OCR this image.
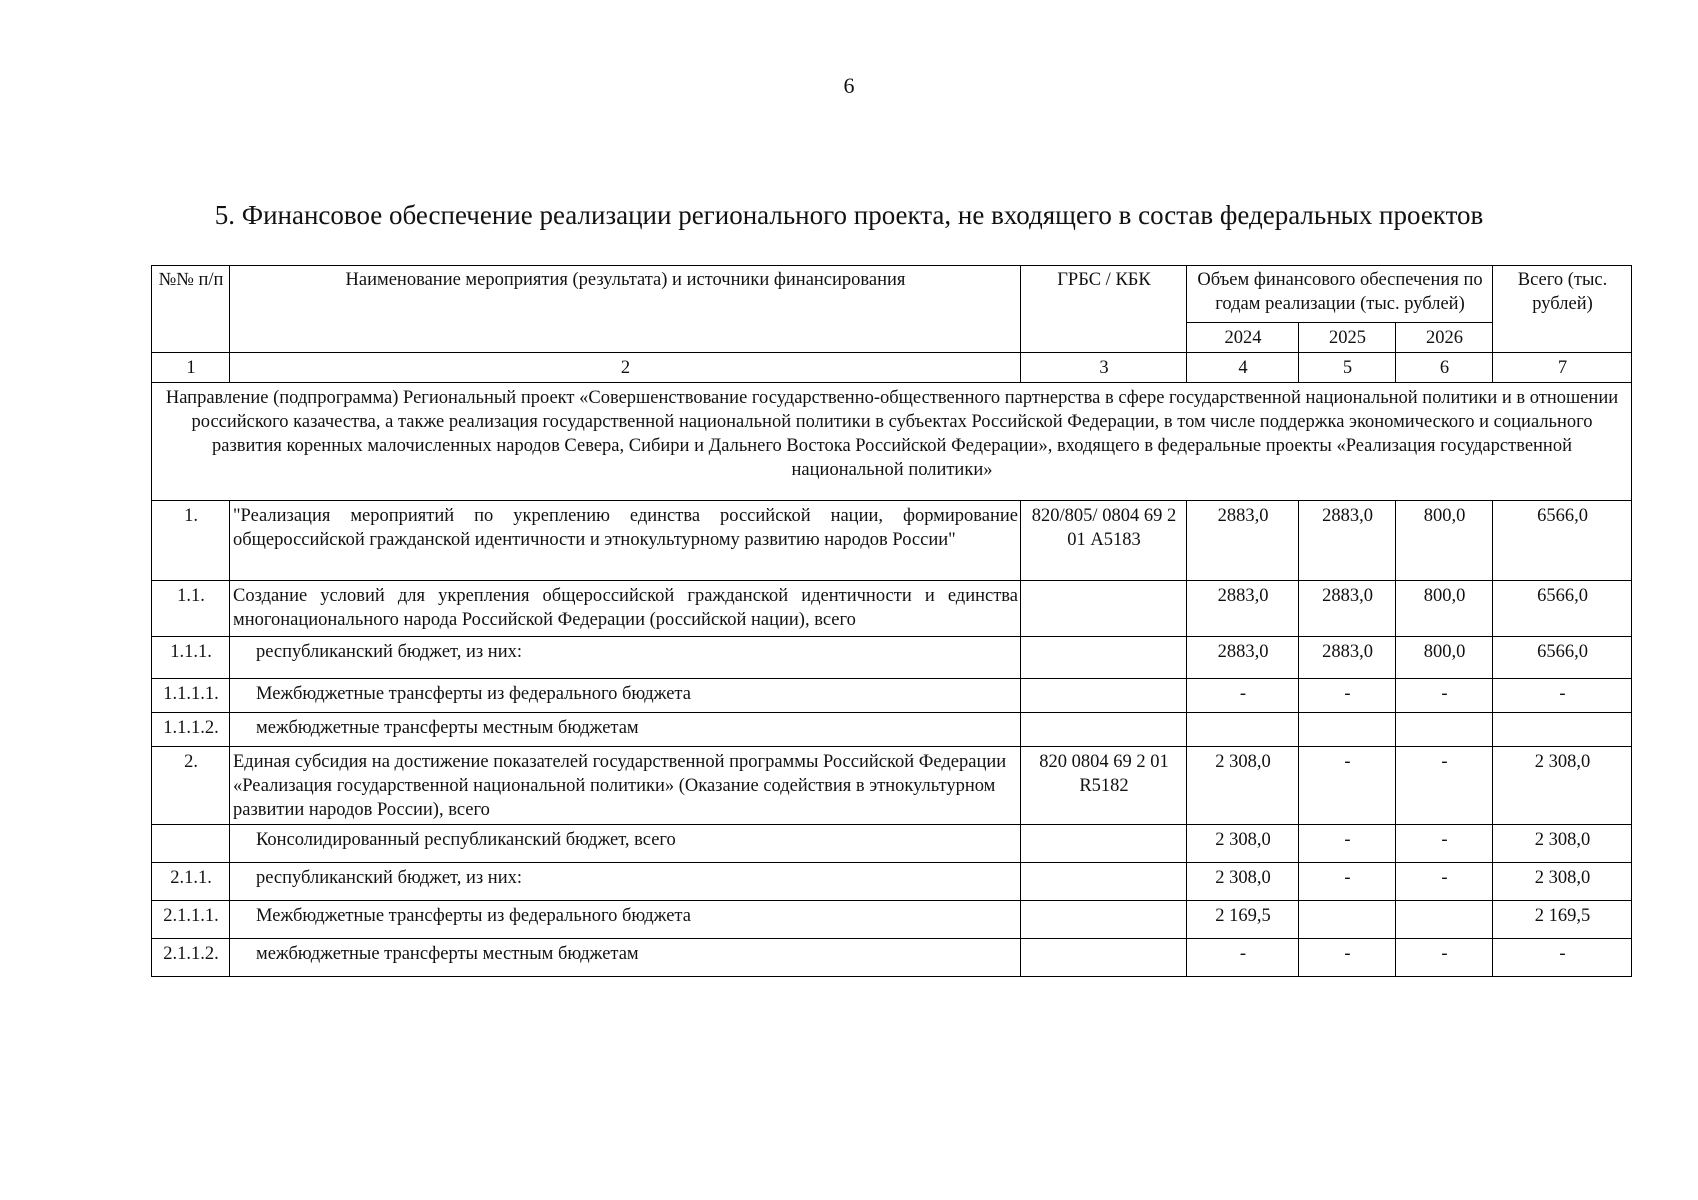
6
5. Финансовое обеспечение реализации регионального проекта, не входящего в состав федеральных проектов
№№ п/п	Наименование мероприятия (результата) и источники финансирования	ГРБС / КБК	Объем финансового обеспечения по годам реализации (тыс. рублей)			Всего (тыс. рублей)
			2024	2025	2026	
1	2	3	4	5	6	7
Направление (подпрограмма) Региональный проект «Совершенствование государственно-общественного партнерства в сфере государственной национальной политики и в отношении российского казачества, а также реализация государственной национальной политики в субъектах Российской Федерации, в том числе поддержка экономического и социального развития коренных малочисленных народов Севера, Сибири и Дальнего Востока Российской Федерации», входящего в федеральные проекты «Реализация государственной национальной политики»						
1.	"Реализация мероприятий по укреплению единства российской нации, формирование общероссийской гражданской идентичности и этнокультурному развитию народов России"	820/805/ 0804 69 2 01 А5183	2883,0	2883,0	800,0	6566,0
1.1.	Создание условий для укрепления общероссийской гражданской идентичности и единства многонационального народа Российской Федерации (российской нации), всего		2883,0	2883,0	800,0	6566,0
1.1.1.	республиканский бюджет, из них:		2883,0	2883,0	800,0	6566,0
1.1.1.1.	Межбюджетные трансферты из федерального бюджета		-	-	-	-
1.1.1.2.	межбюджетные трансферты местным бюджетам					
2.	Единая субсидия на достижение показателей государственной программы Российской Федерации «Реализация государственной национальной политики» (Оказание содействия в этнокультурном развитии народов России), всего	820 0804 69 2 01 R5182	2 308,0	-	-	2 308,0
	Консолидированный республиканский бюджет, всего		2 308,0	-	-	2 308,0
2.1.1.	республиканский бюджет, из них:		2 308,0	-	-	2 308,0
2.1.1.1.	Межбюджетные трансферты из федерального бюджета		2 169,5			2 169,5
2.1.1.2.	межбюджетные трансферты местным бюджетам		-	-	-	-
